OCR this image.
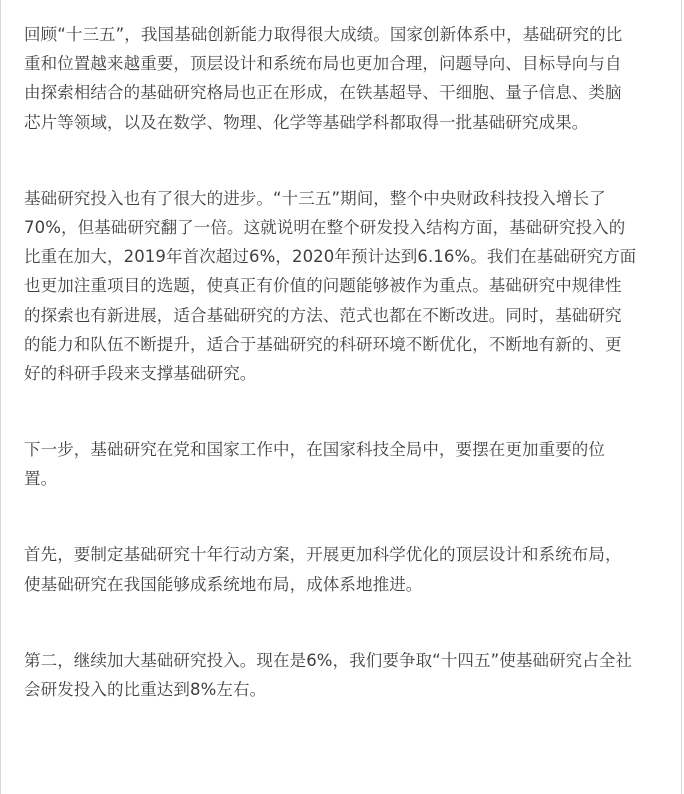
回顾“十三五”，我国基础创新能力取得很大成绩。国家创新体系中，基础研究的比
重和位置越来越重要，顶层设计和系统布局也更加合理，问题导向、目标导向与自
由探索相结合的基础研究格局也正在形成，在铁基超导、干细胞、量子信息、类脑
芯片等领域，以及在数学、物理、化学等基础学科都取得一批基础研究成果。

基础研究投入也有了很大的进步。“十三五”期间，整个中央财政科技投入增长了
70%，但基础研究翻了一倍。这就说明在整个研发投入结构方面，基础研究投入的
比重在加大，2019年首次超过6%，2020年预计达到6.16%。我们在基础研究方面
也更加注重项目的选题，使真正有价值的问题能够被作为重点。基础研究中规律性
的探索也有新进展，适合基础研究的方法、范式也都在不断改进。同时，基础研究
的能力和队伍不断提升，适合于基础研究的科研环境不断优化，不断地有新的、更
好的科研手段来支撑基础研究。

下一步，基础研究在党和国家工作中，在国家科技全局中，要摆在更加重要的位
置。

首先，要制定基础研究十年行动方案，开展更加科学优化的顶层设计和系统布局，
使基础研究在我国能够成系统地布局，成体系地推进。

第二，继续加大基础研究投入。现在是6%，我们要争取“十四五”使基础研究占全社
会研发投入的比重达到8%左右。
